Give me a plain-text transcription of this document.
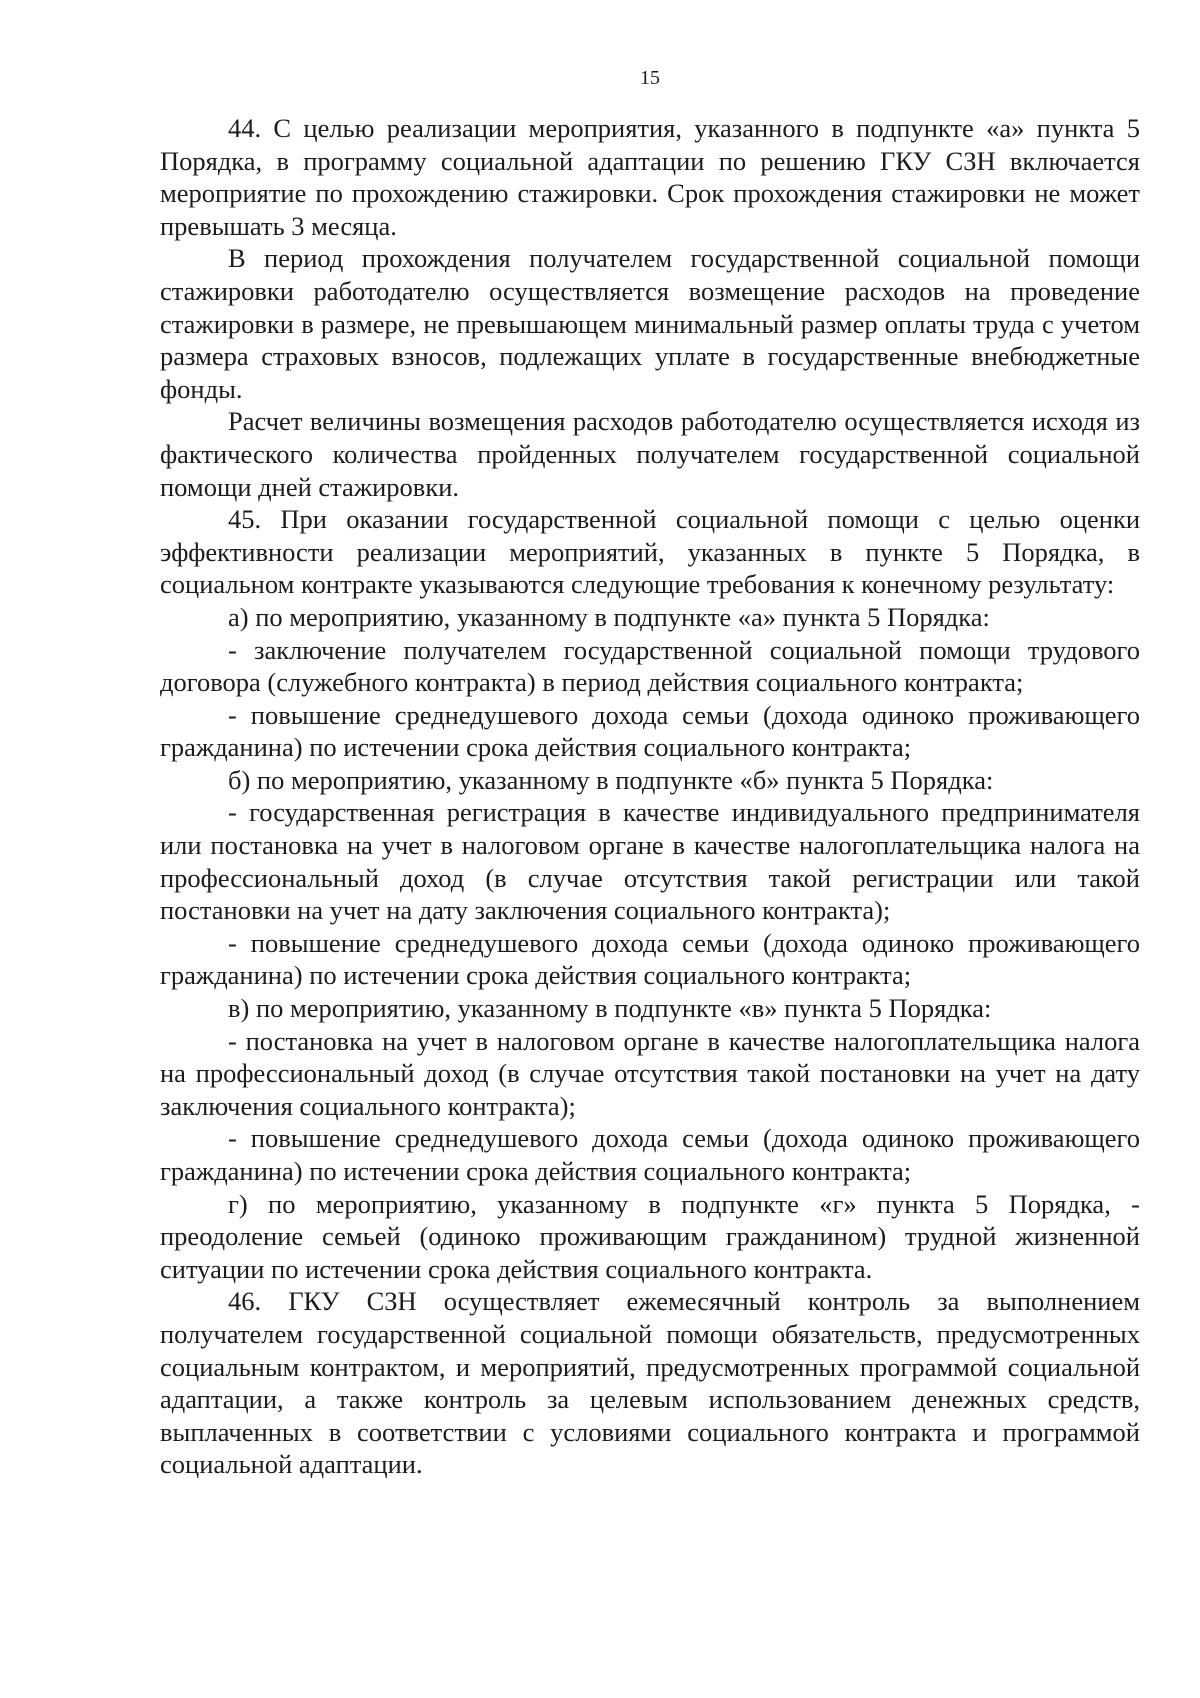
15

44. С целью реализации мероприятия, указанного в подпункте «а» пункта 5 Порядка, в программу социальной адаптации по решению ГКУ СЗН включается мероприятие по прохождению стажировки. Срок прохождения стажировки не может превышать 3 месяца.

В период прохождения получателем государственной социальной помощи стажировки работодателю осуществляется возмещение расходов на проведение стажировки в размере, не превышающем минимальный размер оплаты труда с учетом размера страховых взносов, подлежащих уплате в государственные внебюджетные фонды.

Расчет величины возмещения расходов работодателю осуществляется исходя из фактического количества пройденных получателем государственной социальной помощи дней стажировки.

45. При оказании государственной социальной помощи с целью оценки эффективности реализации мероприятий, указанных в пункте 5 Порядка, в социальном контракте указываются следующие требования к конечному результату:

а) по мероприятию, указанному в подпункте «а» пункта 5 Порядка:

- заключение получателем государственной социальной помощи трудового договора (служебного контракта) в период действия социального контракта;

- повышение среднедушевого дохода семьи (дохода одиноко проживающего гражданина) по истечении срока действия социального контракта;

б) по мероприятию, указанному в подпункте «б» пункта 5 Порядка:

- государственная регистрация в качестве индивидуального предпринимателя или постановка на учет в налоговом органе в качестве налогоплательщика налога на профессиональный доход (в случае отсутствия такой регистрации или такой постановки на учет на дату заключения социального контракта);

- повышение среднедушевого дохода семьи (дохода одиноко проживающего гражданина) по истечении срока действия социального контракта;

в) по мероприятию, указанному в подпункте «в» пункта 5 Порядка:

- постановка на учет в налоговом органе в качестве налогоплательщика налога на профессиональный доход (в случае отсутствия такой постановки на учет на дату заключения социального контракта);

- повышение среднедушевого дохода семьи (дохода одиноко проживающего гражданина) по истечении срока действия социального контракта;

г) по мероприятию, указанному в подпункте «г» пункта 5 Порядка, - преодоление семьей (одиноко проживающим гражданином) трудной жизненной ситуации по истечении срока действия социального контракта.

46. ГКУ СЗН осуществляет ежемесячный контроль за выполнением получателем государственной социальной помощи обязательств, предусмотренных социальным контрактом, и мероприятий, предусмотренных программой социальной адаптации, а также контроль за целевым использованием денежных средств, выплаченных в соответствии с условиями социального контракта и программой социальной адаптации.
